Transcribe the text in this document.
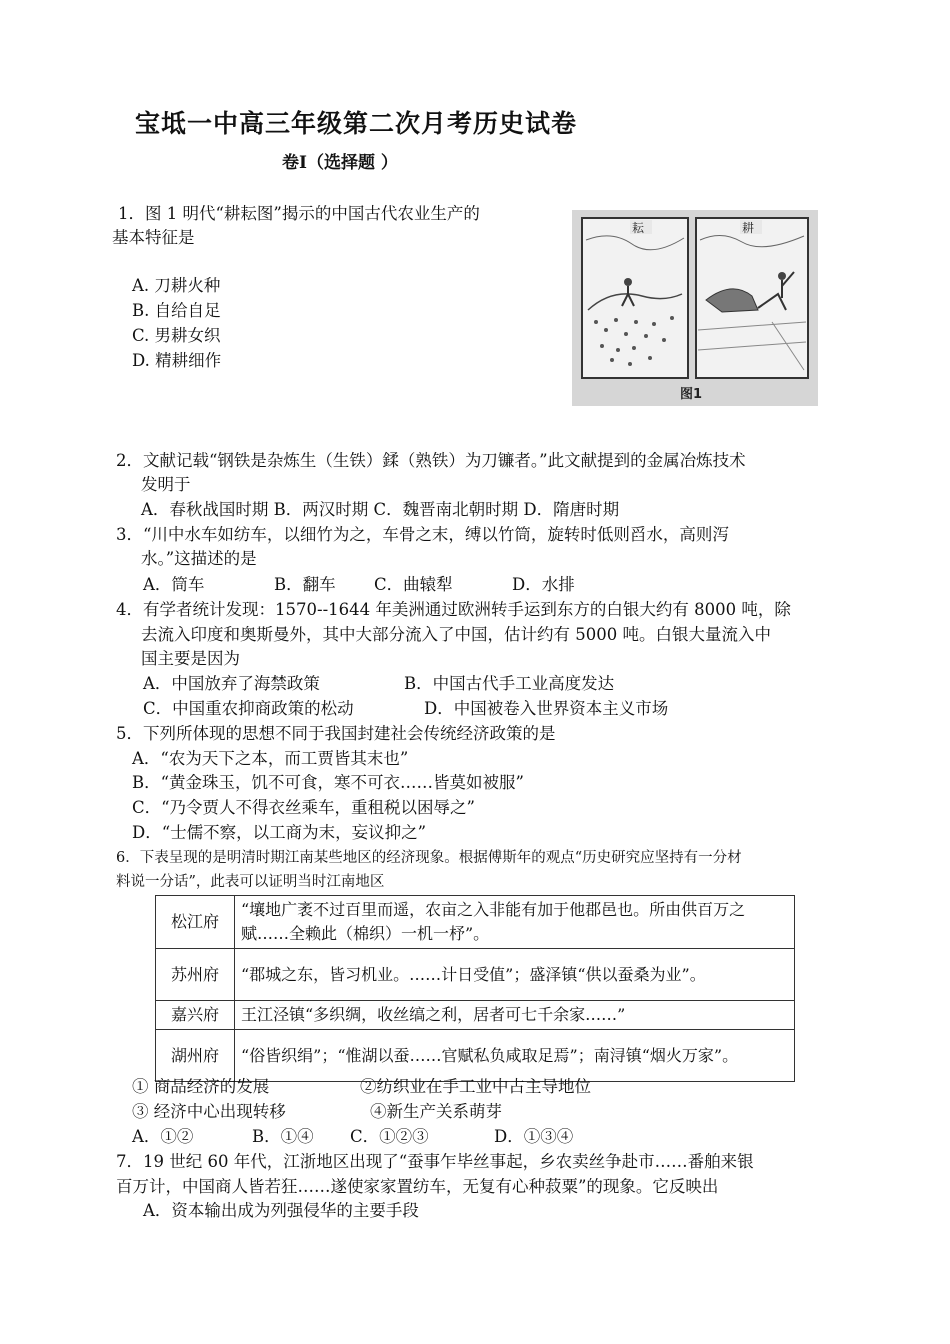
宝坻一中高三年级第二次月考历史试卷
卷Ⅰ（选择题 ）
1．图 1 明代“耕耘图”揭示的中国古代农业生产的
基本特征是
A. 刀耕火种
B. 自给自足
C. 男耕女织
D. 精耕细作
耘	耕
图1
2．文献记载“钢铁是杂炼生（生铁）鍒（熟铁）为刀镰者。”此文献提到的金属冶炼技术
发明于
A．春秋战国时期 B．两汉时期 C．魏晋南北朝时期 D．隋唐时期
3．“川中水车如纺车，以细竹为之，车骨之末，缚以竹筒，旋转时低则舀水，高则泻
水。”这描述的是
A．筒车	B．翻车 C．曲辕犁	D．水排
4．有学者统计发现：1570--1644 年美洲通过欧洲转手运到东方的白银大约有 8000 吨，除
去流入印度和奥斯曼外，其中大部分流入了中国，估计约有 5000 吨。白银大量流入中
国主要是因为
A．中国放弃了海禁政策	B．中国古代手工业高度发达
C．中国重农抑商政策的松动	D．中国被卷入世界资本主义市场
5．下列所体现的思想不同于我国封建社会传统经济政策的是
A．“农为天下之本，而工贾皆其末也”
B．“黄金珠玉，饥不可食，寒不可衣……皆莫如被服”
C．“乃令贾人不得衣丝乘车，重租税以困辱之”
D．“士儒不察，以工商为末，妄议抑之”
6．下表呈现的是明清时期江南某些地区的经济现象。根据傅斯年的观点“历史研究应坚持有一分材
料说一分话”，此表可以证明当时江南地区
松江府	“壤地广袤不过百里而遥，农亩之入非能有加于他郡邑也。所由供百万之赋……全赖此（棉织）一机一杼”。
苏州府	“郡城之东，皆习机业。……计日受值”；盛泽镇“供以蚕桑为业”。
嘉兴府	王江泾镇“多织绸，收丝缟之利，居者可七千余家……”
湖州府	“俗皆织绢”；“惟湖以蚕……官赋私负咸取足焉”；南浔镇“烟火万家”。
① 商品经济的发展	②纺织业在手工业中占主导地位
③ 经济中心出现转移	④新生产关系萌芽
A．①②	B．①④ C．①②③	D．①③④
7．19 世纪 60 年代，江浙地区出现了“蚕事乍毕丝事起，乡农卖丝争赴市……番舶来银
百万计，中国商人皆若狂……遂使家家置纺车，无复有心种菽粟”的现象。它反映出
A．资本输出成为列强侵华的主要手段
